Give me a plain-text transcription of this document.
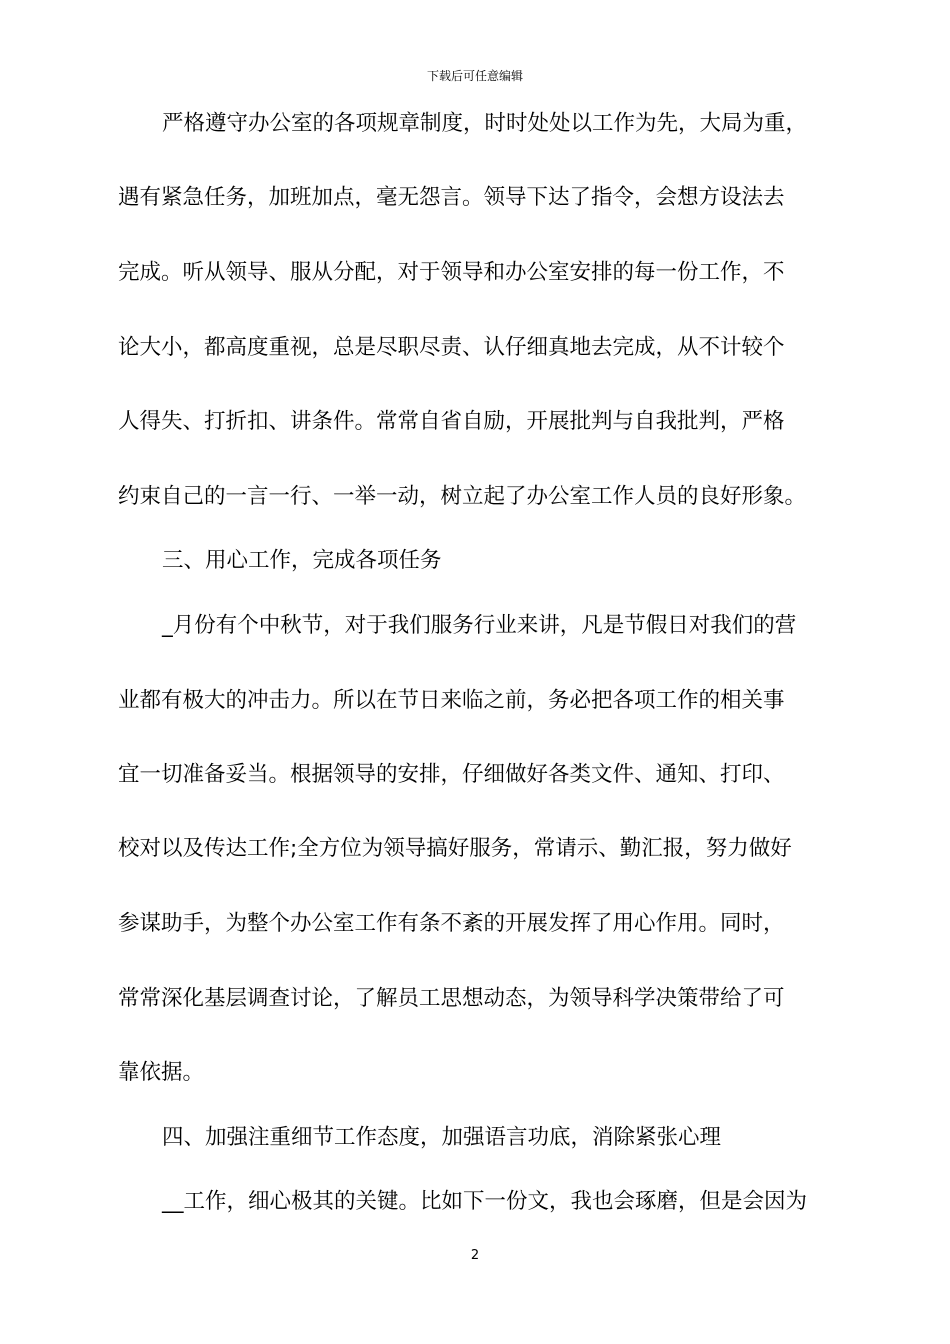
下载后可任意编辑
严格遵守办公室的各项规章制度，时时处处以工作为先，大局为重，
遇有紧急任务，加班加点，毫无怨言。领导下达了指令，会想方设法去
完成。听从领导、服从分配，对于领导和办公室安排的每一份工作，不
论大小，都高度重视，总是尽职尽责、认仔细真地去完成，从不计较个
人得失、打折扣、讲条件。常常自省自励，开展批判与自我批判，严格
约束自己的一言一行、一举一动，树立起了办公室工作人员的良好形象。
三、用心工作，完成各项任务
_月份有个中秋节，对于我们服务行业来讲，凡是节假日对我们的营
业都有极大的冲击力。所以在节日来临之前，务必把各项工作的相关事
宜一切准备妥当。根据领导的安排，仔细做好各类文件、通知、打印、
校对以及传达工作;全方位为领导搞好服务，常请示、勤汇报，努力做好
参谋助手，为整个办公室工作有条不紊的开展发挥了用心作用。同时，
常常深化基层调查讨论，了解员工思想动态，为领导科学决策带给了可
靠依据。
四、加强注重细节工作态度，加强语言功底，消除紧张心理
__工作，细心极其的关键。比如下一份文，我也会琢磨，但是会因为
2
